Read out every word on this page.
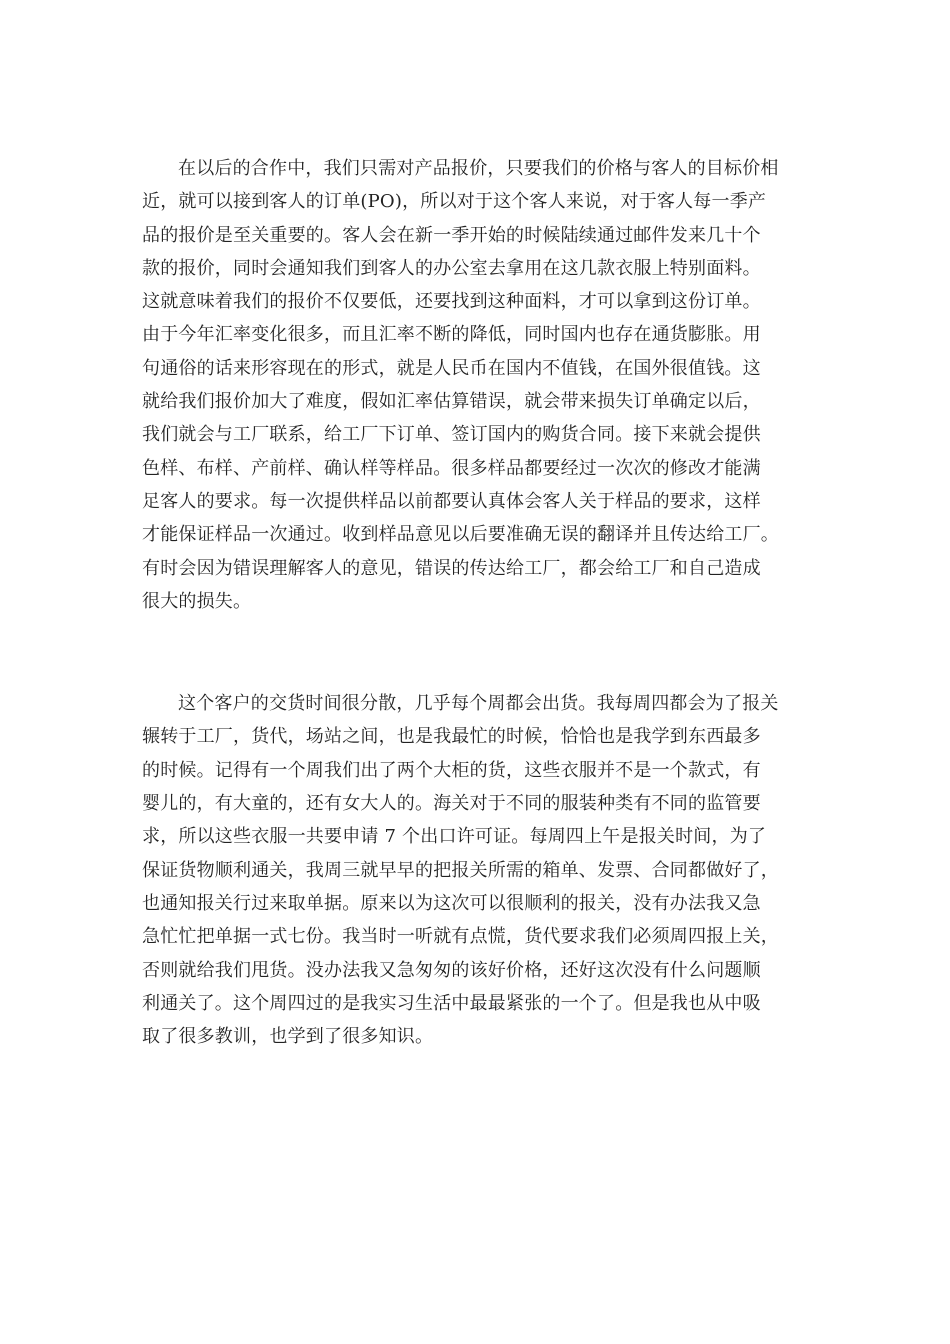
在以后的合作中，我们只需对产品报价，只要我们的价格与客人的目标价相
近，就可以接到客人的订单(PO)，所以对于这个客人来说，对于客人每一季产
品的报价是至关重要的。客人会在新一季开始的时候陆续通过邮件发来几十个
款的报价，同时会通知我们到客人的办公室去拿用在这几款衣服上特别面料。
这就意味着我们的报价不仅要低，还要找到这种面料，才可以拿到这份订单。
由于今年汇率变化很多，而且汇率不断的降低，同时国内也存在通货膨胀。用
句通俗的话来形容现在的形式，就是人民币在国内不值钱，在国外很值钱。这
就给我们报价加大了难度，假如汇率估算错误，就会带来损失订单确定以后，
我们就会与工厂联系，给工厂下订单、签订国内的购货合同。接下来就会提供
色样、布样、产前样、确认样等样品。很多样品都要经过一次次的修改才能满
足客人的要求。每一次提供样品以前都要认真体会客人关于样品的要求，这样
才能保证样品一次通过。收到样品意见以后要准确无误的翻译并且传达给工厂。
有时会因为错误理解客人的意见，错误的传达给工厂，都会给工厂和自己造成
很大的损失。

这个客户的交货时间很分散，几乎每个周都会出货。我每周四都会为了报关
辗转于工厂，货代，场站之间，也是我最忙的时候，恰恰也是我学到东西最多
的时候。记得有一个周我们出了两个大柜的货，这些衣服并不是一个款式，有
婴儿的，有大童的，还有女大人的。海关对于不同的服装种类有不同的监管要
求，所以这些衣服一共要申请 7 个出口许可证。每周四上午是报关时间，为了
保证货物顺利通关，我周三就早早的把报关所需的箱单、发票、合同都做好了，
也通知报关行过来取单据。原来以为这次可以很顺利的报关，没有办法我又急
急忙忙把单据一式七份。我当时一听就有点慌，货代要求我们必须周四报上关，
否则就给我们甩货。没办法我又急匆匆的该好价格，还好这次没有什么问题顺
利通关了。这个周四过的是我实习生活中最最紧张的一个了。但是我也从中吸
取了很多教训，也学到了很多知识。
